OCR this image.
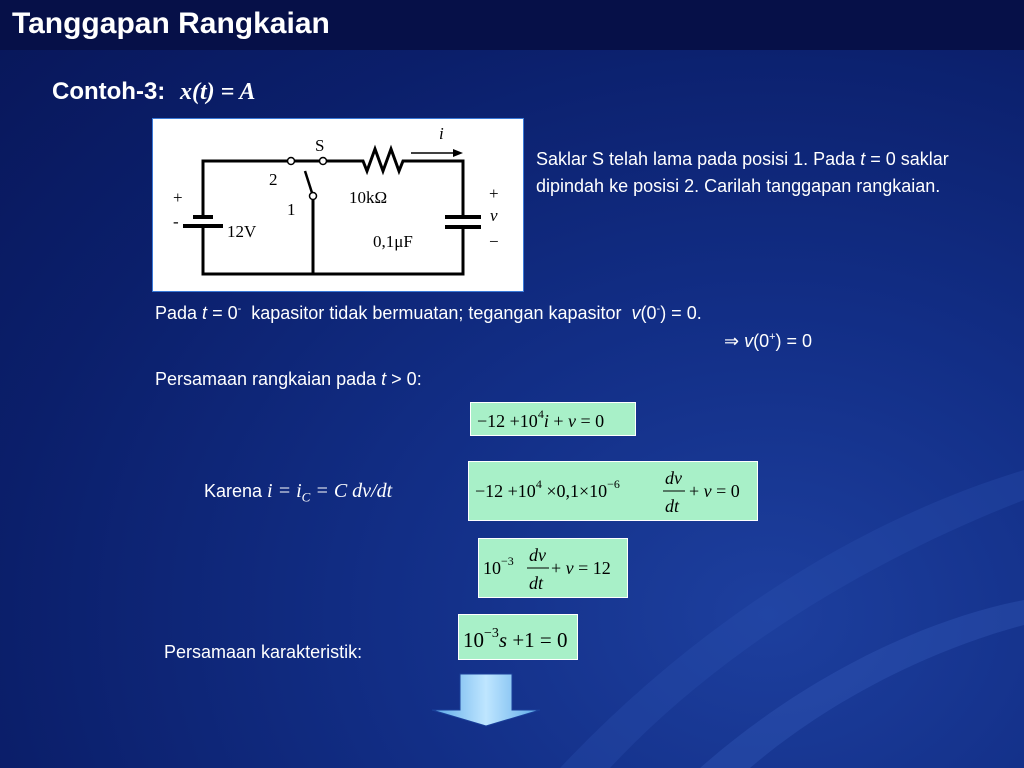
Tanggapan Rangkaian
Contoh-3: x(t) = A
S
2
1
+
-
12V
10kΩ
i
0,1μF
+
v
−
Saklar S telah lama pada posisi 1. Pada t = 0 saklar dipindah ke posisi 2. Carilah tanggapan rangkaian.
Pada t = 0-  kapasitor tidak bermuatan; tegangan kapasitor  v(0-) = 0.
⇒ v(0+) = 0
Persamaan rangkaian pada t > 0:
$-12 +10^4i + v = 0$
Karena $i = i_C = C$ dv/dt	$-12 +10^4 \times 0,1\times 10^{-6}$	dv
dt
+ v = 0
$10^{-3}$ dv
dt
+ v = 12
$10^{-3}s +1 = 0$
Persamaan karakteristik:
